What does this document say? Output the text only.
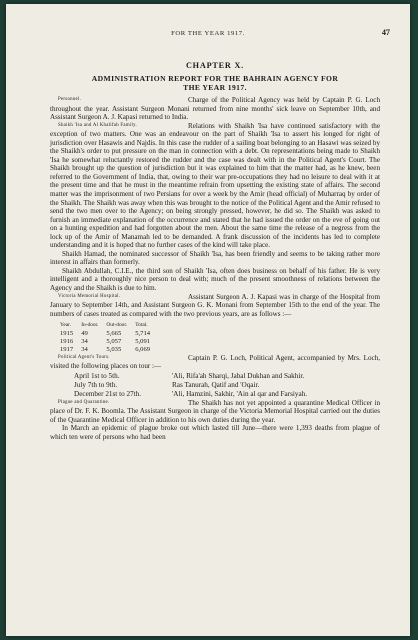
FOR THE YEAR 1917.	47
CHAPTER X.
ADMINISTRATION REPORT FOR THE BAHRAIN AGENCY FOR
THE YEAR 1917.

Personnel.	Charge of the Political Agency was held by Captain P. G. Loch throughout the year. Assistant Surgeon Monani returned from nine months' sick leave on September 10th, and Assistant Surgeon A. J. Kapasi returned to India.

Shaikh 'Isa and Al Khalifah Family.	Relations with Shaikh 'Isa have continued satisfactory with the exception of two matters. One was an endeavour on the part of Shaikh 'Isa to assert his longed for right of jurisdiction over Hasawis and Najdis. In this case the rudder of a sailing boat belonging to an Hasawi was seized by the Shaikh's order to put pressure on the man in connection with a debt. On representations being made to Shaikh 'Isa he somewhat reluctantly restored the rudder and the case was dealt with in the Political Agent's Court. The Shaikh brought up the question of jurisdiction but it was explained to him that the matter had, as he knew, been referred to the Government of India, that, owing to their war pre-occupations they had no leisure to deal with it at the present time and that he must in the meantime refrain from upsetting the existing state of affairs. The second matter was the imprisonment of two Persians for over a week by the Amir (head official) of Muharraq by order of the Shaikh. The Shaikh was away when this was brought to the notice of the Political Agent and the Amir refused to send the two men over to the Agency; on being strongly pressed, however, he did so. The Shaikh was asked to furnish an immediate explanation of the occurrence and stated that he had issued the order on the eve of going out on a hunting expedition and had forgotten about the men. About the same time the release of a negress from the lock up of the Amir of Manamah led to be demanded. A frank discussion of the incidents has led to complete understanding and it is hoped that no further cases of the kind will take place.

Shaikh Hamad, the nominated successor of Shaikh 'Isa, has been friendly and seems to be taking rather more interest in affairs than formerly.

Shaikh Abdullah, C.I.E., the third son of Shaikh 'Isa, often does business on behalf of his father. He is very intelligent and a thoroughly nice person to deal with; much of the present smoothness of relations between the Agency and the Shaikh is due to him.

Victoria Memorial Hospital.	Assistant Surgeon A. J. Kapasi was in charge of the Hospital from January to September 14th, and Assistant Surgeon G. K. Monani from September 15th to the end of the year. The numbers of cases treated as compared with the two previous years, are as follows :—

Year.	In-door.	Out-door.	Total.
1915	49	5,665	5,714
1916	34	5,057	5,091
1917	34	5,035	6,069

Political Agent's Tours.	Captain P. G. Loch, Political Agent, accompanied by Mrs. Loch, visited the following places on tour :—

April 1st to 5th.	'Ali, Rifa'ah Sharqi, Jabal Dukhan and Sakhir.
July 7th to 9th.	Ras Tanurah, Qatif and 'Oqair.
December 21st to 27th.	'Ali, Hamzini, Sakhir, 'Ain al qar and Farsiyah.

Plague and Quarantine.	The Shaikh has not yet appointed a quarantine Medical Officer in place of Dr. F. K. Boomla. The Assistant Surgeon in charge of the Victoria Memorial Hospital carried out the duties of the Quarantine Medical Officer in addition to his own duties during the year.

In March an epidemic of plague broke out which lasted till June—there were 1,393 deaths from plague of which ten were of persons who had been
